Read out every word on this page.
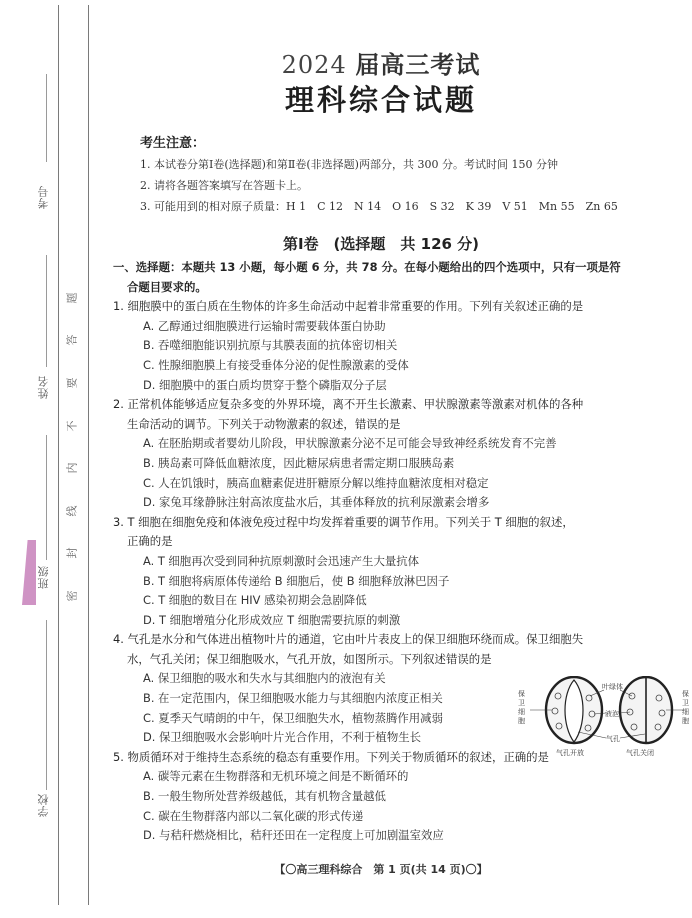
考号
姓名
班级
学校
题
答
要
不
内
线
封
密
2024 届高三考试
理科综合试题
考生注意：
1. 本试卷分第Ⅰ卷(选择题)和第Ⅱ卷(非选择题)两部分，共 300 分。考试时间 150 分钟
2. 请将各题答案填写在答题卡上。
3. 可能用到的相对原子质量：H 1　C 12　N 14　O 16　S 32　K 39　V 51　Mn 55　Zn 65
第Ⅰ卷　(选择题　共 126 分)
一、选择题：本题共 13 小题，每小题 6 分，共 78 分。在每小题给出的四个选项中，只有一项是符
合题目要求的。
1. 细胞膜中的蛋白质在生物体的许多生命活动中起着非常重要的作用。下列有关叙述正确的是
A. 乙醇通过细胞膜进行运输时需要载体蛋白协助
B. 吞噬细胞能识别抗原与其膜表面的抗体密切相关
C. 性腺细胞膜上有接受垂体分泌的促性腺激素的受体
D. 细胞膜中的蛋白质均贯穿于整个磷脂双分子层
2. 正常机体能够适应复杂多变的外界环境，离不开生长激素、甲状腺激素等激素对机体的各种
生命活动的调节。下列关于动物激素的叙述，错误的是
A. 在胚胎期或者婴幼儿阶段，甲状腺激素分泌不足可能会导致神经系统发育不完善
B. 胰岛素可降低血糖浓度，因此糖尿病患者需定期口服胰岛素
C. 人在饥饿时，胰高血糖素促进肝糖原分解以维持血糖浓度相对稳定
D. 家兔耳缘静脉注射高浓度盐水后，其垂体释放的抗利尿激素会增多
3. T 细胞在细胞免疫和体液免疫过程中均发挥着重要的调节作用。下列关于 T 细胞的叙述，
正确的是
A. T 细胞再次受到同种抗原刺激时会迅速产生大量抗体
B. T 细胞将病原体传递给 B 细胞后，使 B 细胞释放淋巴因子
C. T 细胞的数目在 HIV 感染初期会急剧降低
D. T 细胞增殖分化形成效应 T 细胞需要抗原的刺激
4. 气孔是水分和气体进出植物叶片的通道，它由叶片表皮上的保卫细胞环绕而成。保卫细胞失
水，气孔关闭；保卫细胞吸水，气孔开放，如图所示。下列叙述错误的是
A. 保卫细胞的吸水和失水与其细胞内的液泡有关
B. 在一定范围内，保卫细胞吸水能力与其细胞内浓度正相关
C. 夏季天气晴朗的中午，保卫细胞失水，植物蒸腾作用减弱
D. 保卫细胞吸水会影响叶片光合作用，不利于植物生长
5. 物质循环对于维持生态系统的稳态有重要作用。下列关于物质循环的叙述，正确的是
A. 碳等元素在生物群落和无机环境之间是不断循环的
B. 一般生物所处营养级越低，其有机物含量越低
C. 碳在生物群落内部以二氧化碳的形式传递
D. 与秸秆燃烧相比，秸秆还田在一定程度上可加剧温室效应
叶绿体
液泡
气孔
保卫细胞
保卫细胞
气孔开放	气孔关闭
【〇高三理科综合　第 1 页(共 14 页)〇】
